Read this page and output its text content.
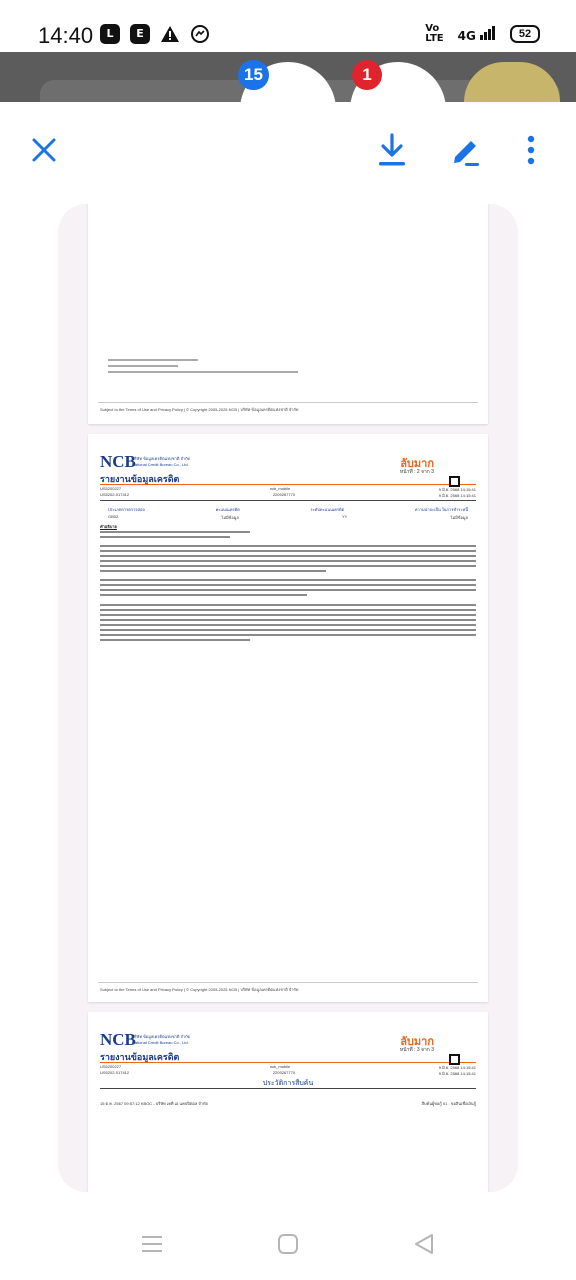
14:40	L	E	Vo
LTE 4G	52
15	1
Subject to the Terms of Use and Privacy Policy | © Copyright 2005-2025 NCB | บริษัท ข้อมูลเครดิตแห่งชาติ จำกัด
NCB
บริษัท ข้อมูลเครดิตแห่งชาติ จำกัด
National Credit Bureau Co., Ltd.	ลับมาก
หน้าที่ : 2 จาก 3
รายงานข้อมูลเครดิต
US5200227	ncb_mobile	9 มิ.ย. 2568 14:15:41
US5202-017412	2209267770	9 มิ.ย. 2568 14:15:41
ประเภทการตรวจสอบ	คะแนนเครดิต	ระดับคะแนนเครดิต	ความน่าจะเป็น ในการชำระหนี้
GB02	ไม่มีข้อมูล	YY	ไม่มีข้อมูล
คำอธิบาย
Subject to the Terms of Use and Privacy Policy | © Copyright 2005-2025 NCB | บริษัท ข้อมูลเครดิตแห่งชาติ จำกัด
NCB
บริษัท ข้อมูลเครดิตแห่งชาติ จำกัด
National Credit Bureau Co., Ltd.	ลับมาก
หน้าที่ : 3 จาก 3
รายงานข้อมูลเครดิต
US5200227	ncb_mobile	9 มิ.ย. 2568 14:15:41
US5202-017412	2209267770	9 มิ.ย. 2568 14:15:41
ประวัติการสืบค้น
15 ต.ค. 2567 09:57:12 KBOC - บริษัท เคที เอ แคปปิตอล จำกัด	สืบค้นผู้ขอกู้ 01 : ขอสินเชื่อเงินกู้
